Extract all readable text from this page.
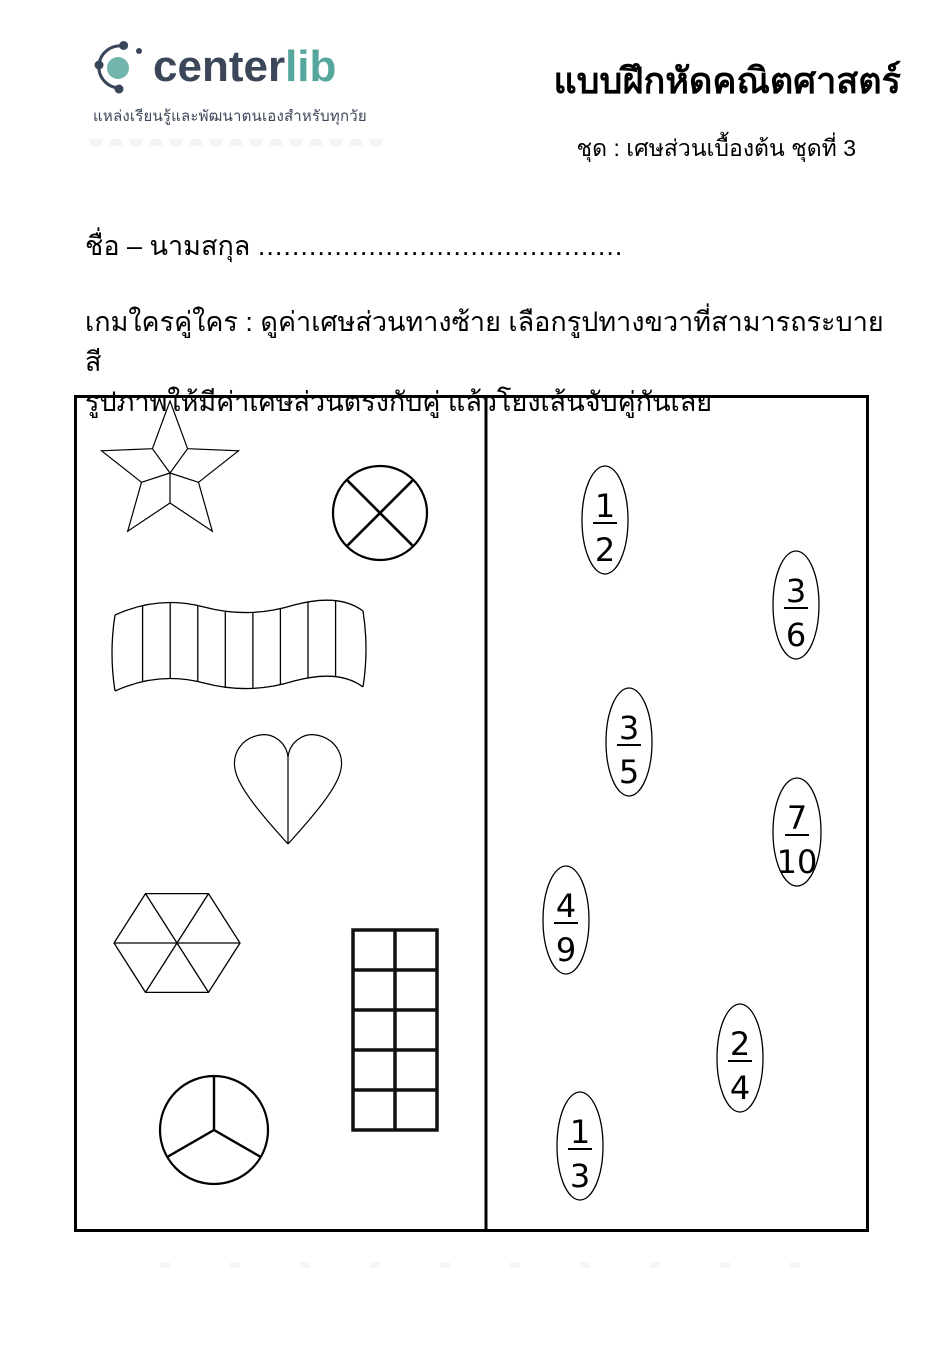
centerlib
แหล่งเรียนรู้และพัฒนาตนเองสำหรับทุกวัย
แบบฝึกหัดคณิตศาสตร์
ชุด : เศษส่วนเบื้องต้น ชุดที่ 3
ชื่อ – นามสกุล ...........................................
เกมใครคู่ใคร : ดูค่าเศษส่วนทางซ้าย เลือกรูปทางขวาที่สามารถระบายสี
รูปภาพให้มีค่าเศษส่วนตรงกับคู่ แล้วโยงเส้นจับคู่กันเลย
1
2
3
6
3
5
7
10
4
9
2
4
1
3
